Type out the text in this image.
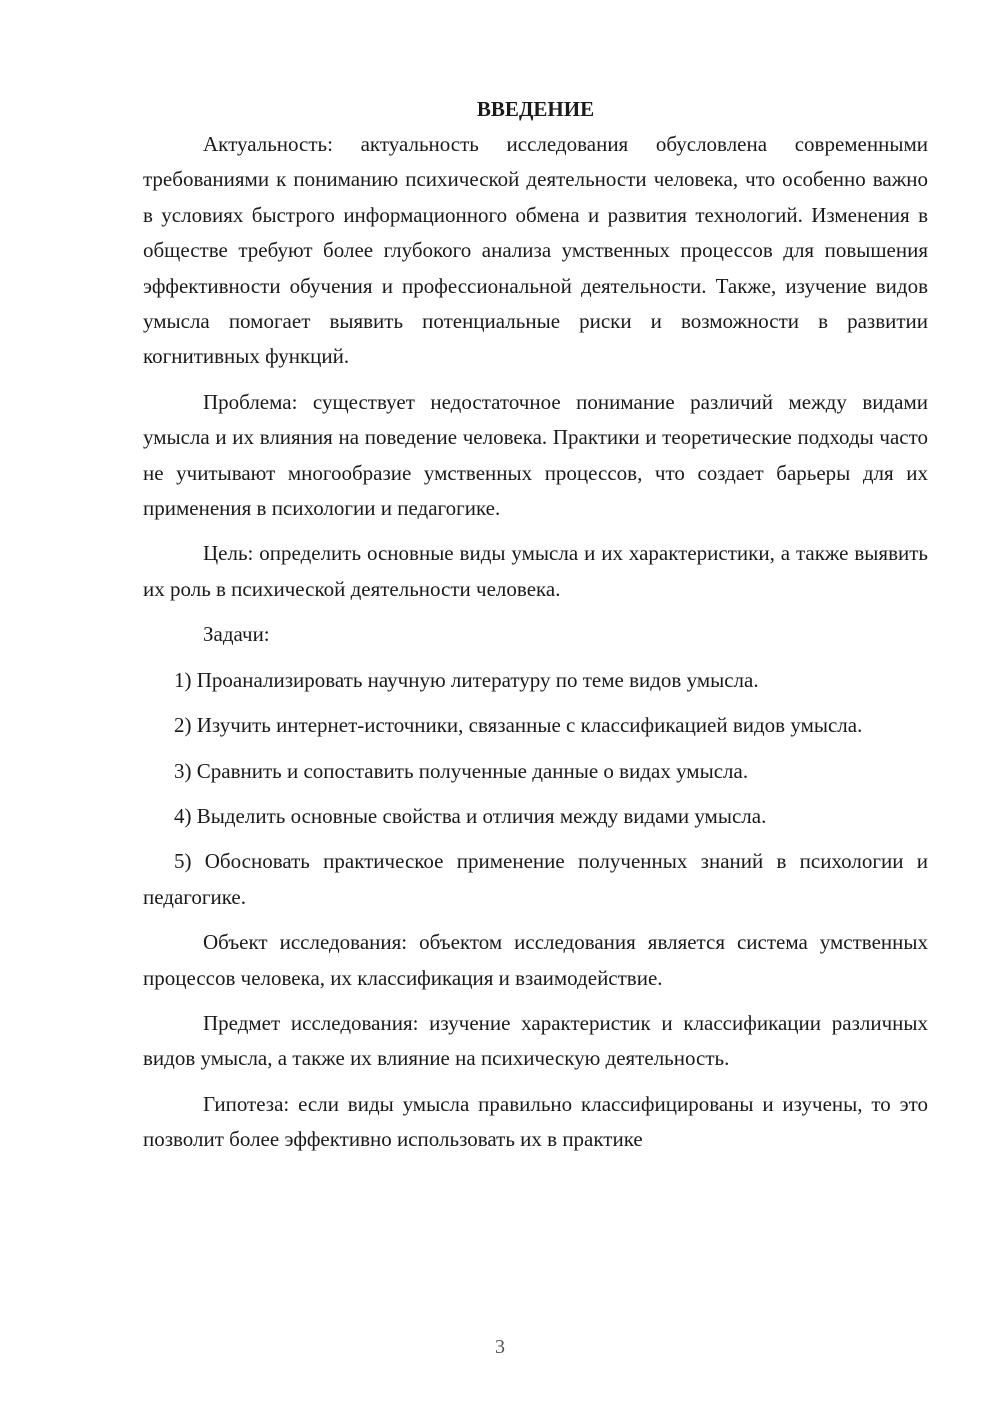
ВВЕДЕНИЕ

Актуальность: актуальность исследования обусловлена современными требованиями к пониманию психической деятельности человека, что особенно важно в условиях быстрого информационного обмена и развития технологий. Изменения в обществе требуют более глубокого анализа умственных процессов для повышения эффективности обучения и профессиональной деятельности. Также, изучение видов умысла помогает выявить потенциальные риски и возможности в развитии когнитивных функций.

Проблема: существует недостаточное понимание различий между видами умысла и их влияния на поведение человека. Практики и теоретические подходы часто не учитывают многообразие умственных процессов, что создает барьеры для их применения в психологии и педагогике.

Цель: определить основные виды умысла и их характеристики, а также выявить их роль в психической деятельности человека.

Задачи:

1) Проанализировать научную литературу по теме видов умысла.

2) Изучить интернет-источники, связанные с классификацией видов умысла.

3) Сравнить и сопоставить полученные данные о видах умысла.

4) Выделить основные свойства и отличия между видами умысла.

5) Обосновать практическое применение полученных знаний в психологии и педагогике.

Объект исследования: объектом исследования является система умственных процессов человека, их классификация и взаимодействие.

Предмет исследования: изучение характеристик и классификации различных видов умысла, а также их влияние на психическую деятельность.

Гипотеза: если виды умысла правильно классифицированы и изучены, то это позволит более эффективно использовать их в практике

3
